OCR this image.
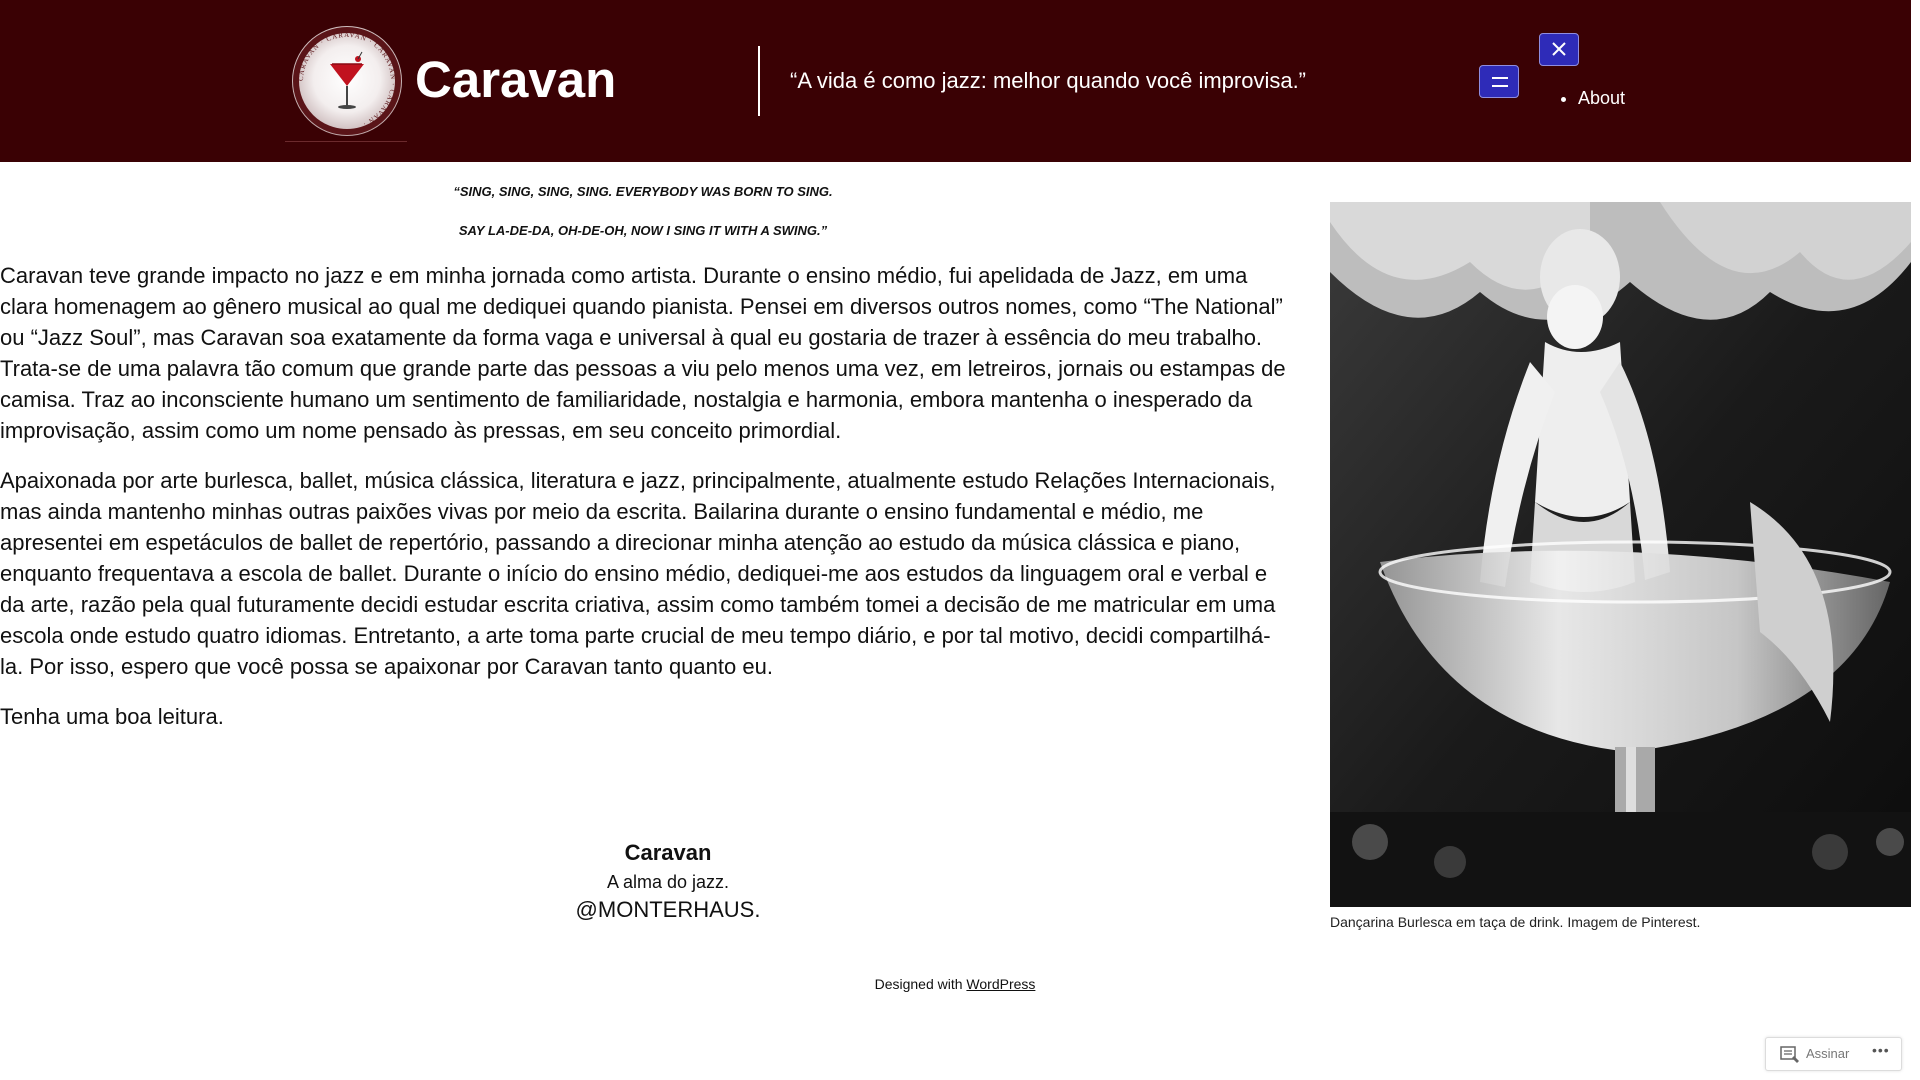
CARAVAN · CARAVAN · CARAVAN · CARAVAN ·
Caravan	“A vida é como jazz: melhor quando você improvisa.”
• About
“SING, SING, SING, SING. EVERYBODY WAS BORN TO SING.
SAY LA-DE-DA, OH-DE-OH, NOW I SING IT WITH A SWING.”

Caravan teve grande impacto no jazz e em minha jornada como artista. Durante o ensino médio, fui apelidada de Jazz, em uma clara homenagem ao gênero musical ao qual me dediquei quando pianista. Pensei em diversos outros nomes, como “The National” ou “Jazz Soul”, mas Caravan soa exatamente da forma vaga e universal à qual eu gostaria de trazer à essência do meu trabalho. Trata-se de uma palavra tão comum que grande parte das pessoas a viu pelo menos uma vez, em letreiros, jornais ou estampas de camisa. Traz ao inconsciente humano um sentimento de familiaridade, nostalgia e harmonia, embora mantenha o inesperado da improvisação, assim como um nome pensado às pressas, em seu conceito primordial.

Apaixonada por arte burlesca, ballet, música clássica, literatura e jazz, principalmente, atualmente estudo Relações Internacionais, mas ainda mantenho minhas outras paixões vivas por meio da escrita. Bailarina durante o ensino fundamental e médio, me apresentei em espetáculos de ballet de repertório, passando a direcionar minha atenção ao estudo da música clássica e piano, enquanto frequentava a escola de ballet. Durante o início do ensino médio, dediquei-me aos estudos da linguagem oral e verbal e da arte, razão pela qual futuramente decidi estudar escrita criativa, assim como também tomei a decisão de me matricular em uma escola onde estudo quatro idiomas. Entretanto, a arte toma parte crucial de meu tempo diário, e por tal motivo, decidi compartilhá-la. Por isso, espero que você possa se apaixonar por Caravan tanto quanto eu.

Tenha uma boa leitura.

Caravan
A alma do jazz.
@MONTERHAUS.
Designed with WordPress
Dançarina Burlesca em taça de drink. Imagem de Pinterest.
Assinar •••
